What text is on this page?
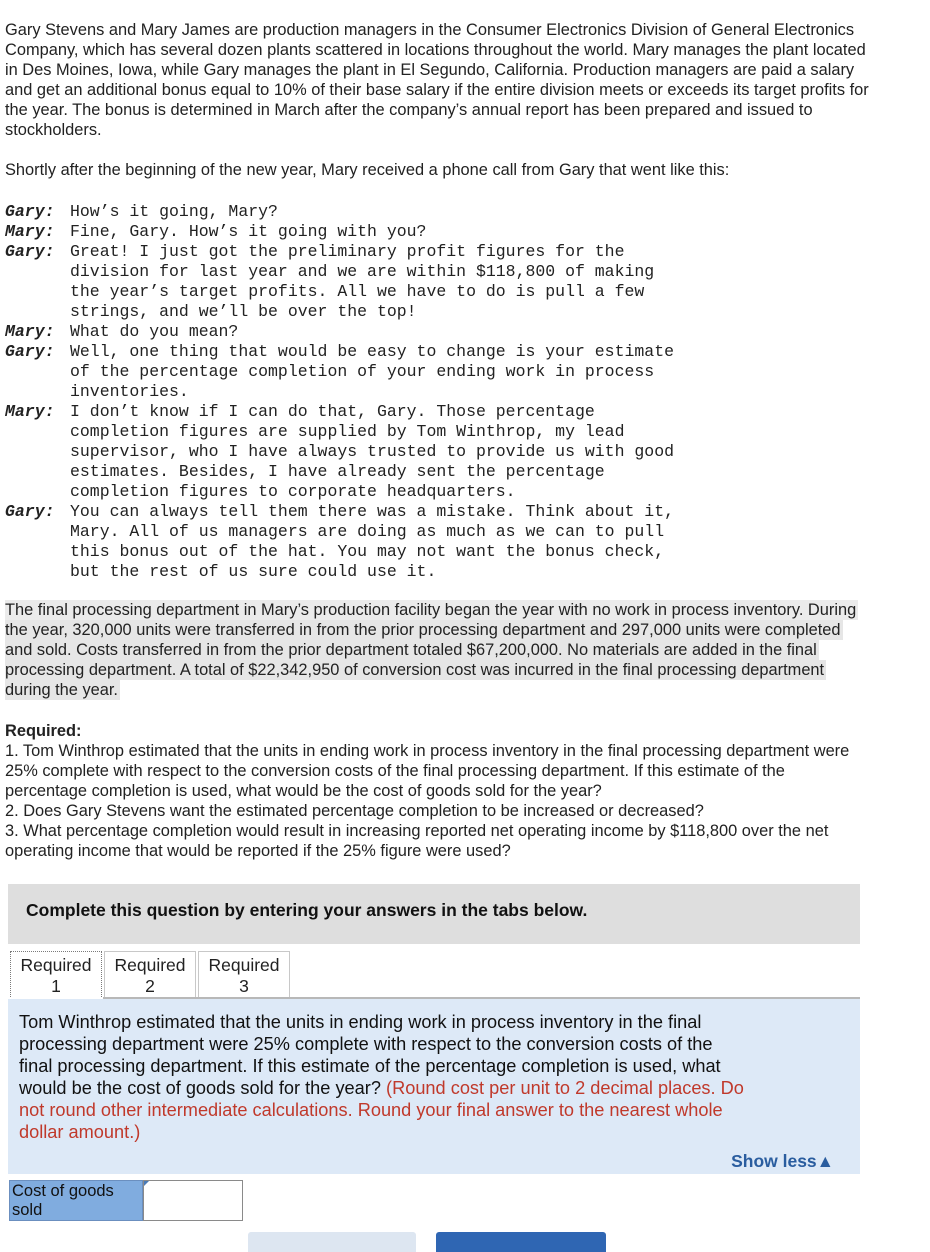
Gary Stevens and Mary James are production managers in the Consumer Electronics Division of General Electronics
Company, which has several dozen plants scattered in locations throughout the world. Mary manages the plant located
in Des Moines, Iowa, while Gary manages the plant in El Segundo, California. Production managers are paid a salary
and get an additional bonus equal to 10% of their base salary if the entire division meets or exceeds its target profits for
the year. The bonus is determined in March after the company’s annual report has been prepared and issued to
stockholders.
Shortly after the beginning of the new year, Mary received a phone call from Gary that went like this:
Gary: How’s it going, Mary?
Mary: Fine, Gary. How’s it going with you?
Gary: Great! I just got the preliminary profit figures for the
division for last year and we are within $118,800 of making
the year’s target profits. All we have to do is pull a few
strings, and we’ll be over the top!
Mary: What do you mean?
Gary: Well, one thing that would be easy to change is your estimate
of the percentage completion of your ending work in process
inventories.
Mary: I don’t know if I can do that, Gary. Those percentage
completion figures are supplied by Tom Winthrop, my lead
supervisor, who I have always trusted to provide us with good
estimates. Besides, I have already sent the percentage
completion figures to corporate headquarters.
Gary: You can always tell them there was a mistake. Think about it,
Mary. All of us managers are doing as much as we can to pull
this bonus out of the hat. You may not want the bonus check,
but the rest of us sure could use it.
The final processing department in Mary’s production facility began the year with no work in process inventory. During
the year, 320,000 units were transferred in from the prior processing department and 297,000 units were completed
and sold. Costs transferred in from the prior department totaled $67,200,000. No materials are added in the final
processing department. A total of $22,342,950 of conversion cost was incurred in the final processing department
during the year.
Required:
1. Tom Winthrop estimated that the units in ending work in process inventory in the final processing department were
25% complete with respect to the conversion costs of the final processing department. If this estimate of the
percentage completion is used, what would be the cost of goods sold for the year?
2. Does Gary Stevens want the estimated percentage completion to be increased or decreased?
3. What percentage completion would result in increasing reported net operating income by $118,800 over the net
operating income that would be reported if the 25% figure were used?
Complete this question by entering your answers in the tabs below.
Required
1
Required
2
Required
3
Tom Winthrop estimated that the units in ending work in process inventory in the final
processing department were 25% complete with respect to the conversion costs of the
final processing department. If this estimate of the percentage completion is used, what
would be the cost of goods sold for the year? (Round cost per unit to 2 decimal places. Do
not round other intermediate calculations. Round your final answer to the nearest whole
dollar amount.)
Show less▲
Cost of goods
sold
